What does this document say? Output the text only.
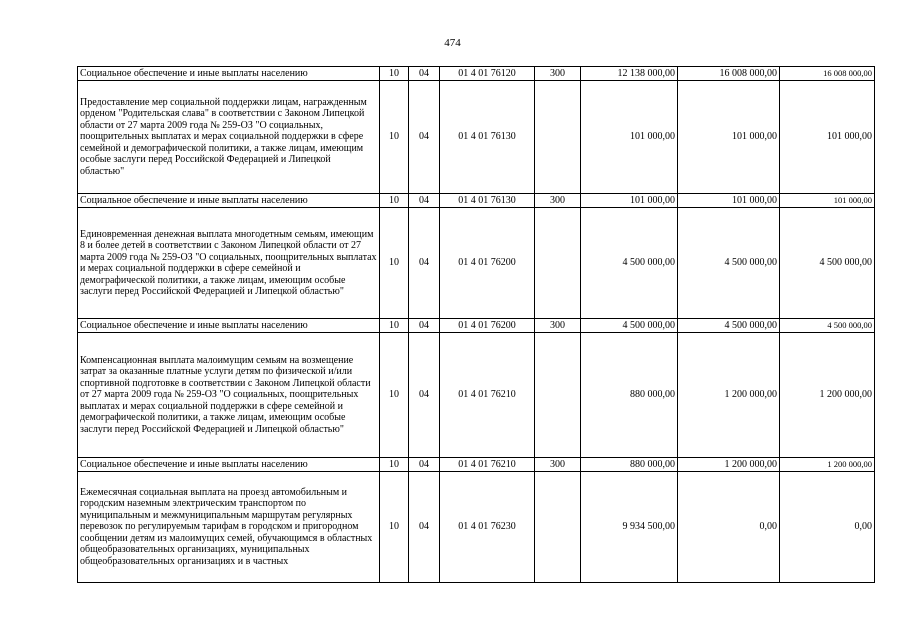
474
Социальное обеспечение и иные выплаты населению	10	04	01 4 01 76120	300	12 138 000,00	16 008 000,00	16 008 000,00
Предоставление мер социальной поддержки лицам, награжденным орденом "Родительская слава" в соответствии с Законом Липецкой области от 27 марта 2009 года № 259-ОЗ "О социальных, поощрительных выплатах и мерах социальной поддержки в сфере семейной и демографической политики, а также лицам, имеющим особые заслуги перед Российской Федерацией и Липецкой областью"	10	04	01 4 01 76130		101 000,00	101 000,00	101 000,00
Социальное обеспечение и иные выплаты населению	10	04	01 4 01 76130	300	101 000,00	101 000,00	101 000,00
Единовременная денежная выплата многодетным семьям, имеющим 8 и более детей в соответствии с Законом Липецкой области от 27 марта 2009 года № 259-ОЗ "О социальных, поощрительных выплатах и мерах социальной поддержки в сфере семейной и демографической политики, а также лицам, имеющим особые заслуги перед Российской Федерацией и Липецкой областью"	10	04	01 4 01 76200		4 500 000,00	4 500 000,00	4 500 000,00
Социальное обеспечение и иные выплаты населению	10	04	01 4 01 76200	300	4 500 000,00	4 500 000,00	4 500 000,00
Компенсационная выплата малоимущим семьям на возмещение затрат за оказанные платные услуги детям по физической и/или спортивной подготовке в соответствии с Законом Липецкой области от 27 марта 2009 года № 259-ОЗ "О социальных, поощрительных выплатах и мерах социальной поддержки в сфере семейной и демографической политики, а также лицам, имеющим особые заслуги перед Российской Федерацией и Липецкой областью"	10	04	01 4 01 76210		880 000,00	1 200 000,00	1 200 000,00
Социальное обеспечение и иные выплаты населению	10	04	01 4 01 76210	300	880 000,00	1 200 000,00	1 200 000,00
Ежемесячная социальная выплата на проезд автомобильным и городским наземным электрическим транспортом по муниципальным и межмуниципальным маршрутам регулярных перевозок по регулируемым тарифам в городском и пригородном сообщении детям из малоимущих семей, обучающимся в областных общеобразовательных организациях, муниципальных общеобразовательных организациях и в частных	10	04	01 4 01 76230		9 934 500,00	0,00	0,00
